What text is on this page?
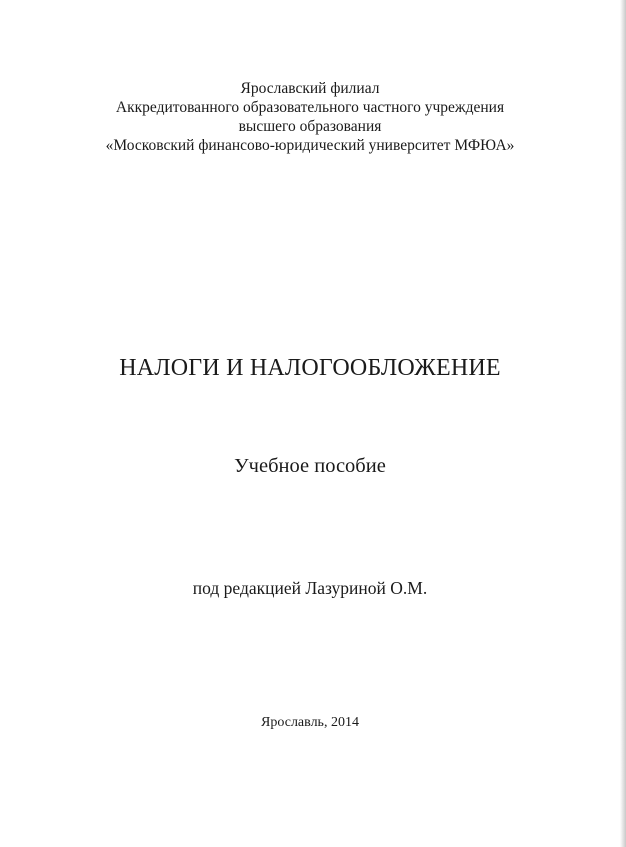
Ярославский филиал
Аккредитованного образовательного частного учреждения
высшего образования
«Московский финансово-юридический университет МФЮА»
НАЛОГИ И НАЛОГООБЛОЖЕНИЕ
Учебное пособие
под редакцией Лазуриной О.М.
Ярославль, 2014
